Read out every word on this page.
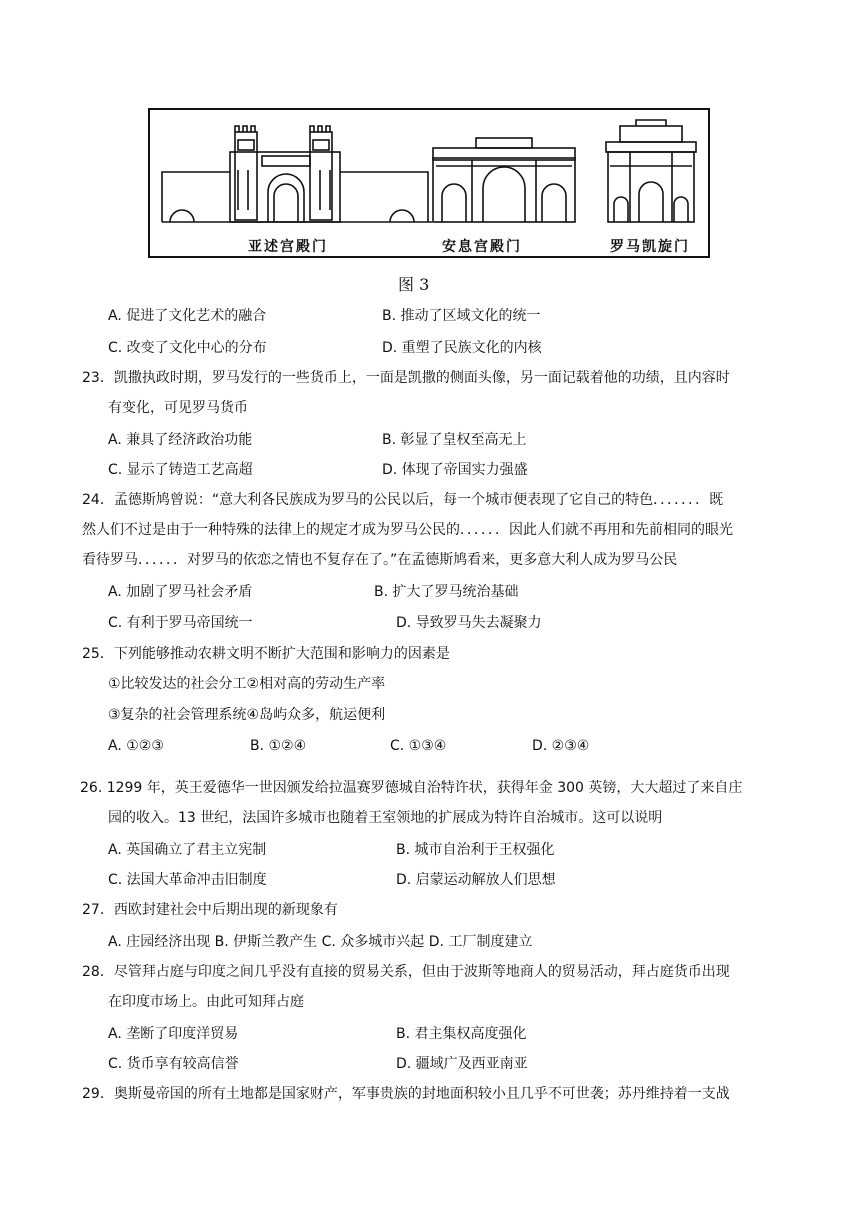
亚述宫殿门	安息宫殿门	罗马凯旋门
图 3
A. 促进了文化艺术的融合	B. 推动了区域文化的统一
C. 改变了文化中心的分布	D. 重塑了民族文化的内核
23．凯撒执政时期，罗马发行的一些货币上，一面是凯撒的侧面头像，另一面记载着他的功绩，且内容时
有变化，可见罗马货币
A. 兼具了经济政治功能	B. 彰显了皇权至高无上
C. 显示了铸造工艺高超	D. 体现了帝国实力强盛
24．孟德斯鸠曾说：“意大利各民族成为罗马的公民以后，每一个城市便表现了它自己的特色．．．．．．．既
然人们不过是由于一种特殊的法律上的规定才成为罗马公民的．．．．．．因此人们就不再用和先前相同的眼光
看待罗马．．．．．．对罗马的依恋之情也不复存在了。”在孟德斯鸠看来，更多意大利人成为罗马公民
A. 加剧了罗马社会矛盾	B. 扩大了罗马统治基础
C. 有利于罗马帝国统一	D. 导致罗马失去凝聚力
25．下列能够推动农耕文明不断扩大范围和影响力的因素是
①比较发达的社会分工②相对高的劳动生产率
③复杂的社会管理系统④岛屿众多，航运便利
A. ①②③	B. ①②④	C. ①③④	D. ②③④
26. 1299 年，英王爱德华一世因颁发给拉温赛罗德城自治特许状，获得年金 300 英镑，大大超过了来自庄
园的收入。13 世纪，法国许多城市也随着王室领地的扩展成为特许自治城市。这可以说明
A. 英国确立了君主立宪制	B. 城市自治利于王权强化
C. 法国大革命冲击旧制度	D. 启蒙运动解放人们思想
27．西欧封建社会中后期出现的新现象有
A. 庄园经济出现 B. 伊斯兰教产生 C. 众多城市兴起 D. 工厂制度建立
28．尽管拜占庭与印度之间几乎没有直接的贸易关系，但由于波斯等地商人的贸易活动，拜占庭货币出现
在印度市场上。由此可知拜占庭
A. 垄断了印度洋贸易	B. 君主集权高度强化
C. 货币享有较高信誉	D. 疆域广及西亚南亚
29．奥斯曼帝国的所有土地都是国家财产，军事贵族的封地面积较小且几乎不可世袭；苏丹维持着一支战
